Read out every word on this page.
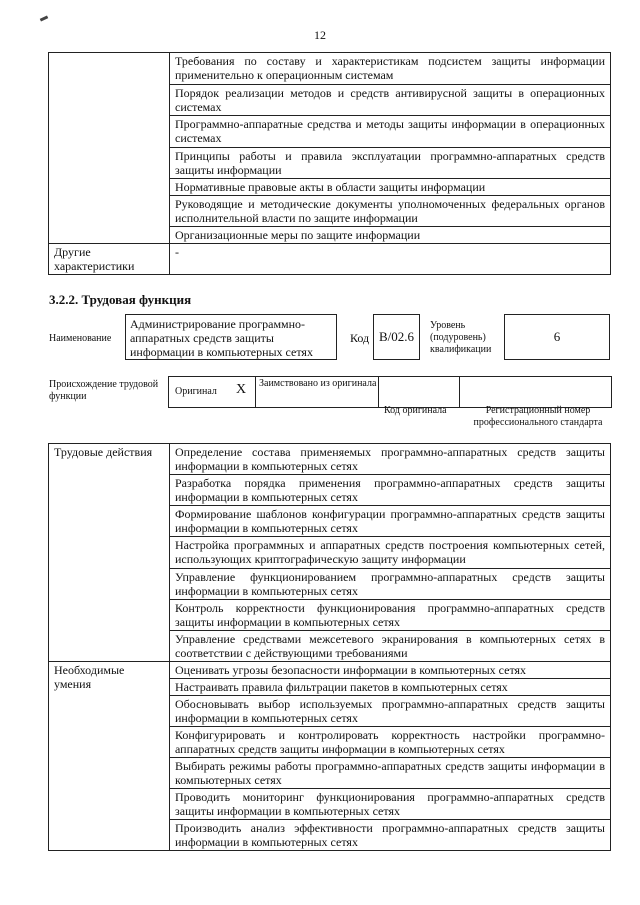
12
	Требования по составу и характеристикам подсистем защиты информации применительно к операционным системам
	Порядок реализации методов и средств антивирусной защиты в операционных системах
	Программно-аппаратные средства и методы защиты информации в операционных системах
	Принципы работы и правила эксплуатации программно-аппаратных средств защиты информации
	Нормативные правовые акты в области защиты информации
	Руководящие и методические документы уполномоченных федеральных органов исполнительной власти по защите информации
	Организационные меры по защите информации
Другие характеристики	-
3.2.2. Трудовая функция
Наименование
Администрирование программно-аппаратных средств защиты информации в компьютерных сетях
Код B/02.6
Уровень (подуровень) квалификации
6
Происхождение трудовой функции	Оригинал X Заимствовано из оригинала
Код оригинала	Регистрационный номер профессионального стандарта
Трудовые действия	Определение состава применяемых программно-аппаратных средств защиты информации в компьютерных сетях
	Разработка порядка применения программно-аппаратных средств защиты информации в компьютерных сетях
	Формирование шаблонов конфигурации программно-аппаратных средств защиты информации в компьютерных сетях
	Настройка программных и аппаратных средств построения компьютерных сетей, использующих криптографическую защиту информации
	Управление функционированием программно-аппаратных средств защиты информации в компьютерных сетях
	Контроль корректности функционирования программно-аппаратных средств защиты информации в компьютерных сетях
	Управление средствами межсетевого экранирования в компьютерных сетях в соответствии с действующими требованиями
Необходимые умения	Оценивать угрозы безопасности информации в компьютерных сетях
	Настраивать правила фильтрации пакетов в компьютерных сетях
	Обосновывать выбор используемых программно-аппаратных средств защиты информации в компьютерных сетях
	Конфигурировать и контролировать корректность настройки программно-аппаратных средств защиты информации в компьютерных сетях
	Выбирать режимы работы программно-аппаратных средств защиты информации в компьютерных сетях
	Проводить мониторинг функционирования программно-аппаратных средств защиты информации в компьютерных сетях
	Производить анализ эффективности программно-аппаратных средств защиты информации в компьютерных сетях
